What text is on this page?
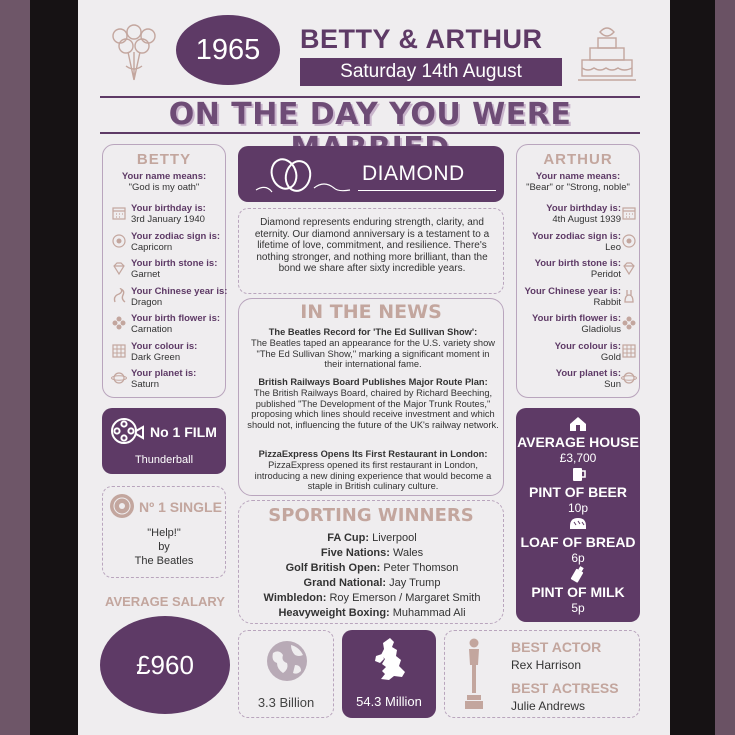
1965	BETTY & ARTHUR
Saturday 14th August
ON THE DAY YOU WERE
BETTY
Your name means:
"God is my oath"
Your birthday is:
3rd January 1940
Your zodiac sign is:
Capricorn
Your birth stone is:
Garnet
Your Chinese year is:
Dragon
Your birth flower is:
Carnation
Your colour is:
Dark Green
Your planet is:
Saturn
ARTHUR
Your name means:
"Bear" or "Strong, noble"
Your birthday is:
4th August 1939
Your zodiac sign is:
Leo
Your birth stone is:
Peridot
Your Chinese year is:
Rabbit
Your birth flower is:
Gladiolus
Your colour is:
Gold
Your planet is:
Sun
DIAMOND
Diamond represents enduring strength, clarity, and eternity. Our diamond anniversary is a testament to a lifetime of love, commitment, and resilience. There's nothing stronger, and nothing more brilliant, than the bond we share after sixty incredible years.
IN THE NEWS
The Beatles Record for 'The Ed Sullivan Show':
The Beatles taped an appearance for the U.S. variety show "The Ed Sullivan Show," marking a significant moment in their international fame.
British Railways Board Publishes Major Route Plan:
The British Railways Board, chaired by Richard Beeching, published "The Development of the Major Trunk Routes," proposing which lines should receive investment and which should not, influencing the future of the UK's railway network.
PizzaExpress Opens Its First Restaurant in London:
PizzaExpress opened its first restaurant in London, introducing a new dining experience that would become a staple in British culinary culture.
No 1 FILM
Thunderball
Nº 1 SINGLE
"Help!"
by
The Beatles
AVERAGE SALARY
£960
SPORTING WINNERS
FA Cup: Liverpool
Five Nations: Wales
Golf British Open: Peter Thomson
Grand National: Jay Trump
Wimbledon: Roy Emerson / Margaret Smith
Heavyweight Boxing: Muhammad Ali
AVERAGE HOUSE
£3,700
PINT OF BEER
10p
LOAF OF BREAD
6p
PINT OF MILK
5p
3.3 Billion	54.3 Million
BEST ACTOR
Rex Harrison
BEST ACTRESS
Julie Andrews
